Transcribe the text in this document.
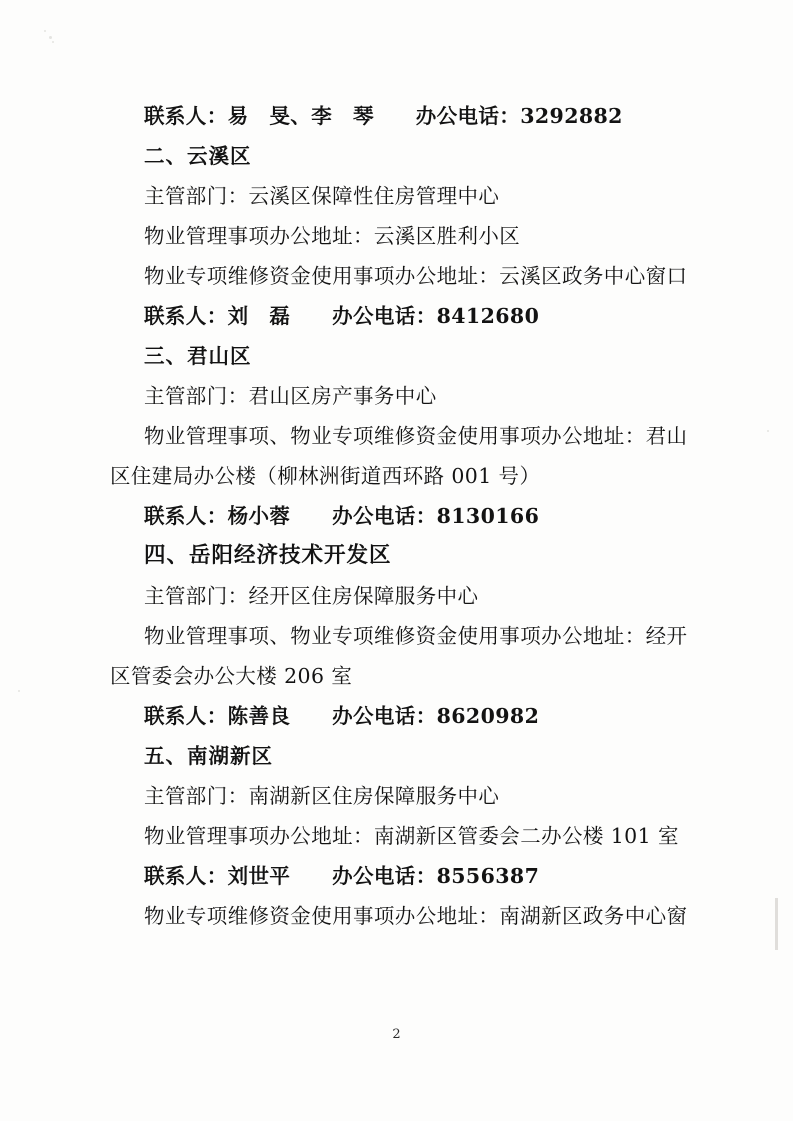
联系人：易　旻、李　琴　　办公电话：3292882
二、云溪区
主管部门：云溪区保障性住房管理中心
物业管理事项办公地址：云溪区胜利小区
物业专项维修资金使用事项办公地址：云溪区政务中心窗口
联系人：刘　磊　　办公电话：8412680
三、君山区
主管部门：君山区房产事务中心
物业管理事项、物业专项维修资金使用事项办公地址：君山
区住建局办公楼（柳林洲街道西环路 001 号）
联系人：杨小蓉　　办公电话：8130166
四、岳阳经济技术开发区
主管部门：经开区住房保障服务中心
物业管理事项、物业专项维修资金使用事项办公地址：经开
区管委会办公大楼 206 室
联系人：陈善良　　办公电话：8620982
五、南湖新区
主管部门：南湖新区住房保障服务中心
物业管理事项办公地址：南湖新区管委会二办公楼 101 室
联系人：刘世平　　办公电话：8556387
物业专项维修资金使用事项办公地址：南湖新区政务中心窗
2
